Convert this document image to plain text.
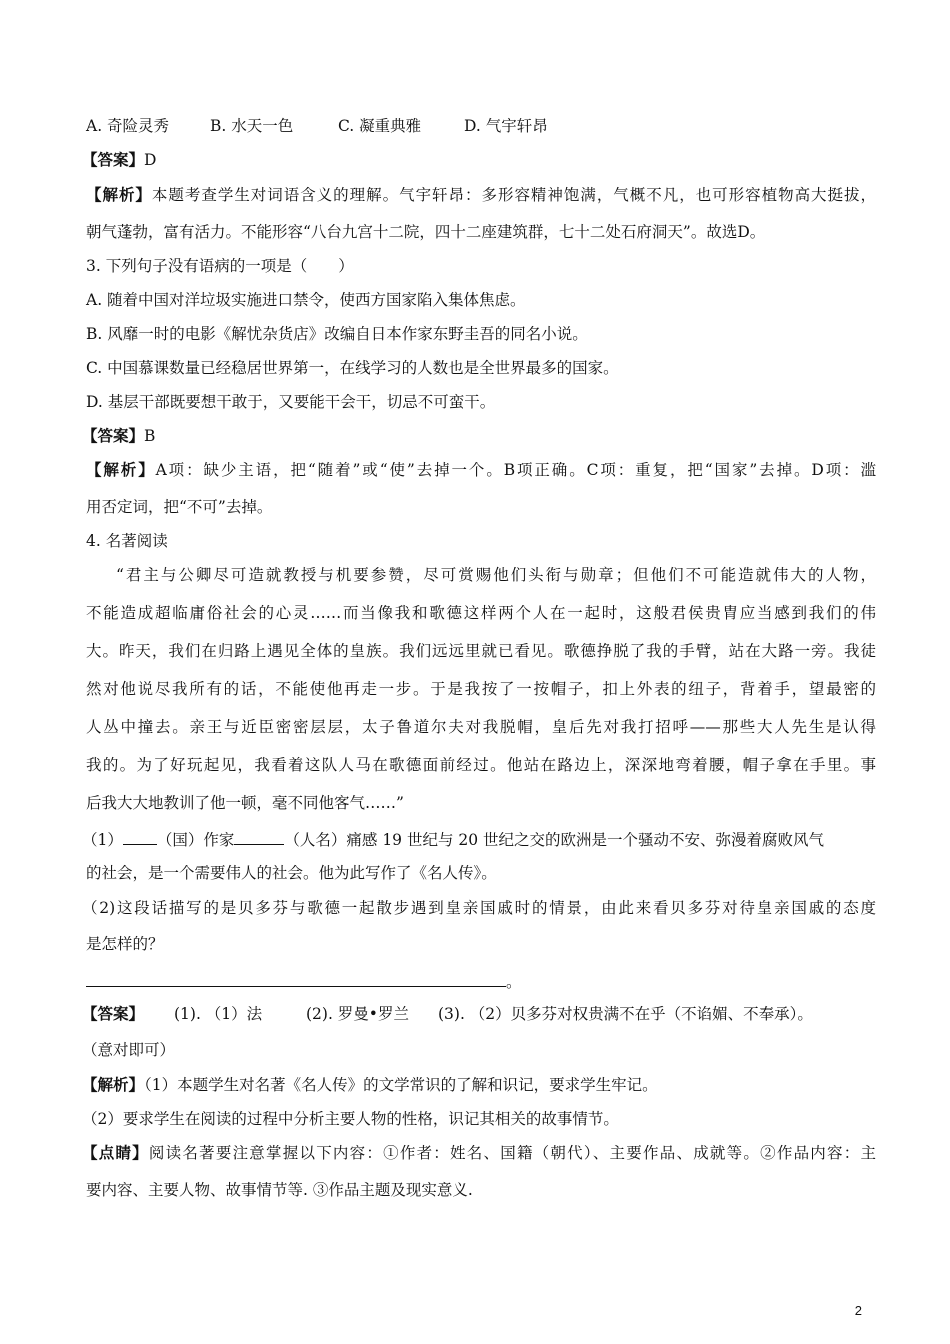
A. 奇险灵秀	B. 水天一色	C. 凝重典雅	D. 气宇轩昂
【答案】D
【解析】本题考查学生对词语含义的理解。气宇轩昂：多形容精神饱满，气概不凡，也可形容植物高大挺拔，
朝气蓬勃，富有活力。不能形容“八台九宫十二院，四十二座建筑群，七十二处石府洞天”。故选D。
3. 下列句子没有语病的一项是（　　）
A. 随着中国对洋垃圾实施进口禁令，使西方国家陷入集体焦虑。
B. 风靡一时的电影《解忧杂货店》改编自日本作家东野圭吾的同名小说。
C. 中国慕课数量已经稳居世界第一，在线学习的人数也是全世界最多的国家。
D. 基层干部既要想干敢于，又要能干会干，切忌不可蛮干。
【答案】B
【解析】A项：缺少主语，把“随着”或“使”去掉一个。B项正确。C项：重复，把“国家”去掉。D项：滥
用否定词，把“不可”去掉。
4. 名著阅读
“君主与公卿尽可造就教授与机要参赞，尽可赏赐他们头衔与勋章；但他们不可能造就伟大的人物，
不能造成超临庸俗社会的心灵……而当像我和歌德这样两个人在一起时，这般君侯贵胄应当感到我们的伟
大。昨天，我们在归路上遇见全体的皇族。我们远远里就已看见。歌德挣脱了我的手臂，站在大路一旁。我徒
然对他说尽我所有的话，不能使他再走一步。于是我按了一按帽子，扣上外表的纽子，背着手，望最密的
人丛中撞去。亲王与近臣密密层层，太子鲁道尔夫对我脱帽，皇后先对我打招呼——那些大人先生是认得
我的。为了好玩起见，我看着这队人马在歌德面前经过。他站在路边上，深深地弯着腰，帽子拿在手里。事
后我大大地教训了他一顿，毫不同他客气……”
（1） （国）作家	（人名）痛感 19 世纪与 20 世纪之交的欧洲是一个骚动不安、弥漫着腐败风气
的社会，是一个需要伟人的社会。他为此写作了《名人传》。
（2)这段话描写的是贝多芬与歌德一起散步遇到皇亲国戚时的情景，由此来看贝多芬对待皇亲国戚的态度
是怎样的？
。
【答案】 (1). （1）法	(2). 罗曼•罗兰 (3). （2）贝多芬对权贵满不在乎（不谄媚、不奉承）。
（意对即可）
【解析】（1）本题学生对名著《名人传》的文学常识的了解和识记，要求学生牢记。
（2）要求学生在阅读的过程中分析主要人物的性格，识记其相关的故事情节。
【点睛】阅读名著要注意掌握以下内容：①作者：姓名、国籍（朝代）、主要作品、成就等。②作品内容：主
要内容、主要人物、故事情节等. ③作品主题及现实意义.
2
